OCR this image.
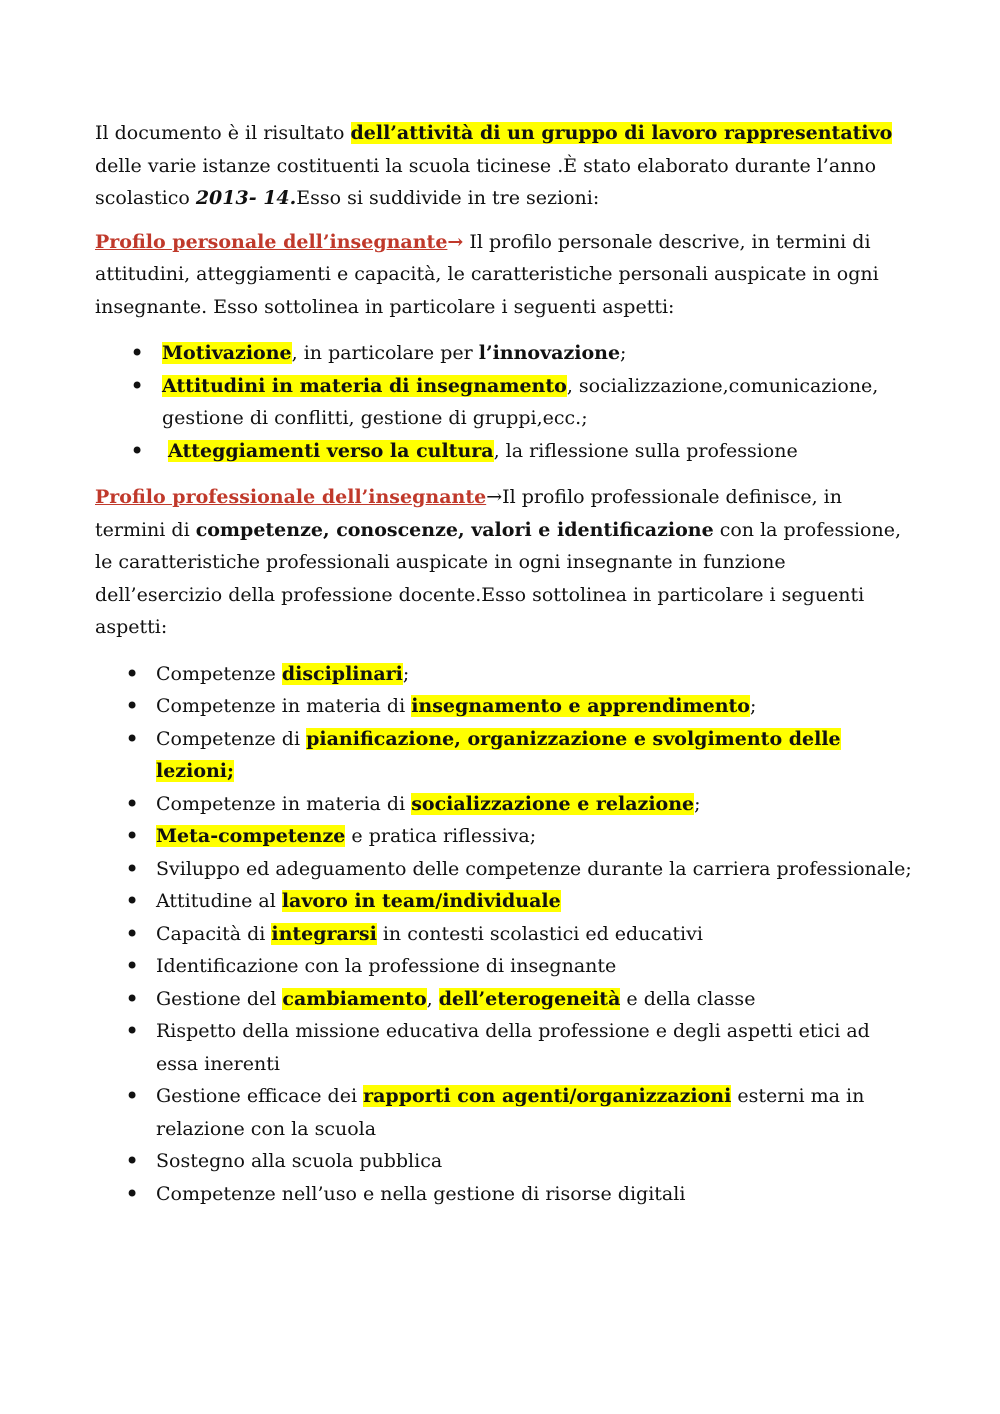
Il documento è il risultato dell’attività di un gruppo di lavoro rappresentativo delle varie istanze costituenti la scuola ticinese .È stato elaborato durante l’anno scolastico 2013- 14.Esso si suddivide in tre sezioni:

Profilo personale dell’insegnante→ Il profilo personale descrive, in termini di attitudini, atteggiamenti e capacità, le caratteristiche personali auspicate in ogni insegnante. Esso sottolinea in particolare i seguenti aspetti:

• Motivazione, in particolare per l’innovazione;
• Attitudini in materia di insegnamento, socializzazione,comunicazione, gestione di conflitti, gestione di gruppi,ecc.;
• Atteggiamenti verso la cultura, la riflessione sulla professione

Profilo professionale dell’insegnante→Il profilo professionale definisce, in termini di competenze, conoscenze, valori e identificazione con la professione, le caratteristiche professionali auspicate in ogni insegnante in funzione dell’esercizio della professione docente.Esso sottolinea in particolare i seguenti aspetti:

• Competenze disciplinari;
• Competenze in materia di insegnamento e apprendimento;
• Competenze di pianificazione, organizzazione e svolgimento delle lezioni;
• Competenze in materia di socializzazione e relazione;
• Meta-competenze e pratica riflessiva;
• Sviluppo ed adeguamento delle competenze durante la carriera professionale;
• Attitudine al lavoro in team/individuale
• Capacità di integrarsi in contesti scolastici ed educativi
• Identificazione con la professione di insegnante
• Gestione del cambiamento, dell’eterogeneità e della classe
• Rispetto della missione educativa della professione e degli aspetti etici ad essa inerenti
• Gestione efficace dei rapporti con agenti/organizzazioni esterni ma in relazione con la scuola
• Sostegno alla scuola pubblica
• Competenze nell’uso e nella gestione di risorse digitali
